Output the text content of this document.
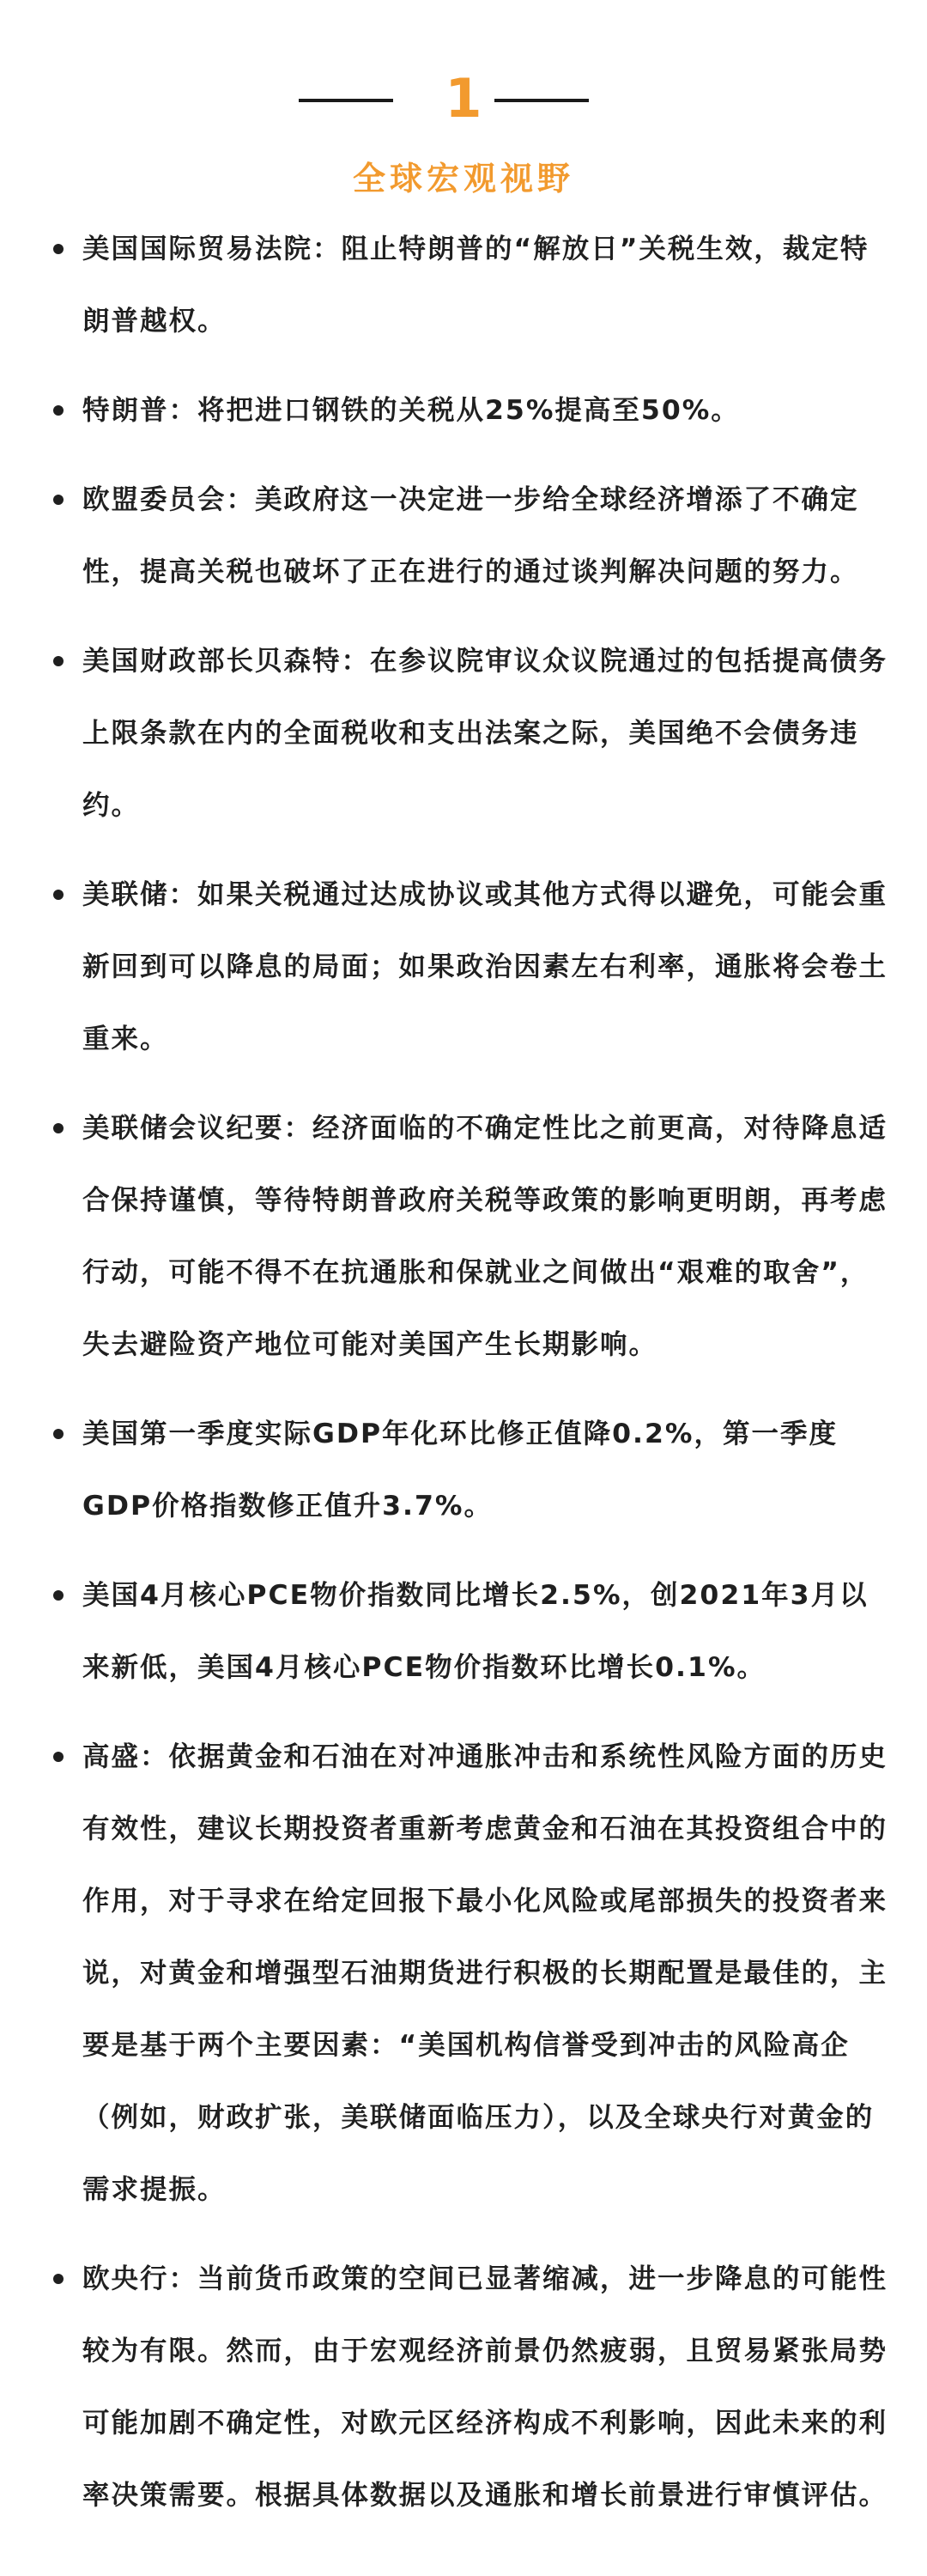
1
全球宏观视野
美国国际贸易法院：阻止特朗普的“解放日”关税生效，裁定特朗普越权。
特朗普：将把进口钢铁的关税从25%提高至50%。
欧盟委员会：美政府这一决定进一步给全球经济增添了不确定性，提高关税也破坏了正在进行的通过谈判解决问题的努力。
美国财政部长贝森特：在参议院审议众议院通过的包括提高债务上限条款在内的全面税收和支出法案之际，美国绝不会债务违约。
美联储：如果关税通过达成协议或其他方式得以避免，可能会重新回到可以降息的局面；如果政治因素左右利率，通胀将会卷土重来。
美联储会议纪要：经济面临的不确定性比之前更高，对待降息适合保持谨慎，等待特朗普政府关税等政策的影响更明朗，再考虑行动，可能不得不在抗通胀和保就业之间做出“艰难的取舍”，失去避险资产地位可能对美国产生长期影响。
美国第一季度实际GDP年化环比修正值降0.2%，第一季度GDP价格指数修正值升3.7%。
美国4月核心PCE物价指数同比增长2.5%，创2021年3月以来新低，美国4月核心PCE物价指数环比增长0.1%。
高盛：依据黄金和石油在对冲通胀冲击和系统性风险方面的历史有效性，建议长期投资者重新考虑黄金和石油在其投资组合中的作用，对于寻求在给定回报下最小化风险或尾部损失的投资者来说，对黄金和增强型石油期货进行积极的长期配置是最佳的，主要是基于两个主要因素：“美国机构信誉受到冲击的风险高企（例如，财政扩张，美联储面临压力），以及全球央行对黄金的需求提振。
欧央行：当前货币政策的空间已显著缩减，进一步降息的可能性较为有限。然而，由于宏观经济前景仍然疲弱，且贸易紧张局势可能加剧不确定性，对欧元区经济构成不利影响，因此未来的利率决策需要。根据具体数据以及通胀和增长前景进行审慎评估。
